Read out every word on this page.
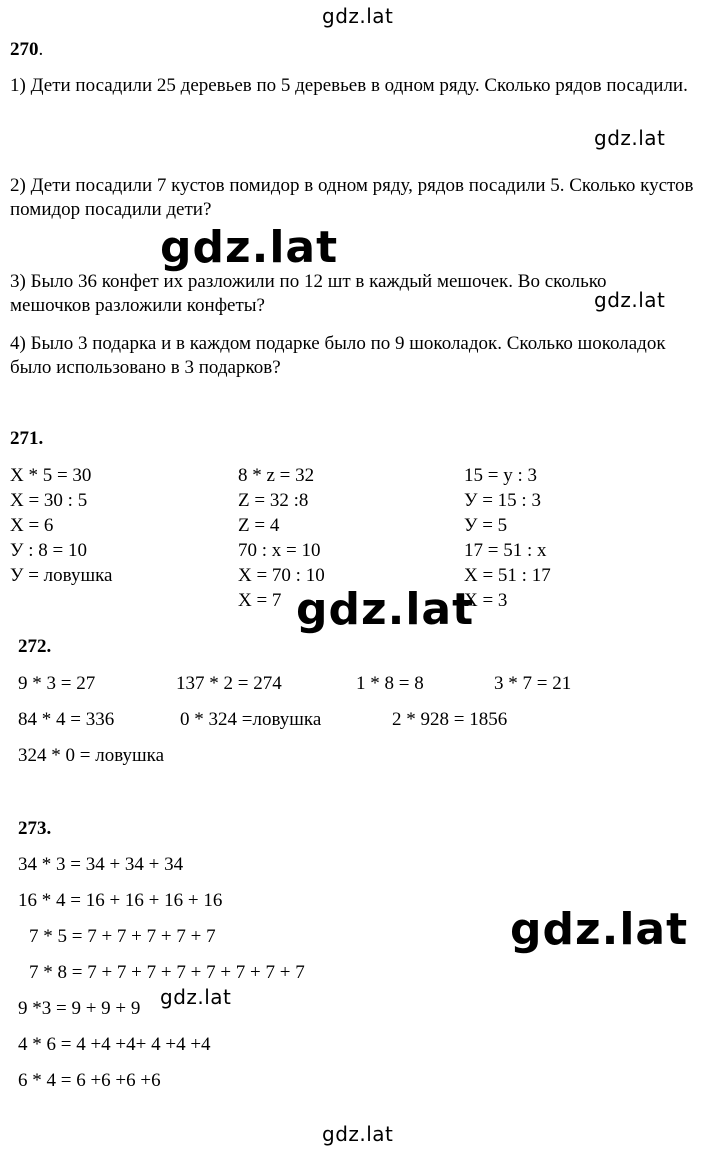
gdz.lat
gdz.lat
gdz.lat
gdz.lat
gdz.lat
gdz.lat
gdz.lat
gdz.lat
270.
1) Дети посадили 25 деревьев по 5 деревьев в одном ряду. Сколько рядов посадили.
2) Дети посадили 7 кустов помидор в одном ряду, рядов посадили 5. Сколько кустов помидор посадили дети?
3) Было 36 конфет их разложили по 12 шт в каждый мешочек. Во сколько
мешочков разложили конфеты?
4) Было 3 подарка и в каждом подарке было по 9 шоколадок. Сколько шоколадок было использовано в 3 подарков?
271.
X * 5 = 30
X = 30 : 5
X = 6
У : 8 = 10
У = ловушка
8 * z = 32
Z = 32 :8
Z = 4
70 : x = 10
X = 70 : 10
X = 7
15 = y : 3
У = 15 : 3
У = 5
17 = 51 : x
X = 51 : 17
X = 3
272.
9 * 3 = 27	137 * 2 = 274	1 * 8 = 8	3 * 7 = 21
84 * 4 = 336	0 * 324 =ловушка	2 * 928 = 1856
324 * 0 = ловушка
273.
34 * 3 = 34 + 34 + 34
16 * 4 = 16 + 16 + 16 + 16
7 * 5 = 7 + 7 + 7 + 7 + 7
7 * 8 = 7 + 7 + 7 + 7 + 7 + 7 + 7 + 7
9 *3 = 9 + 9 + 9
4 * 6 = 4 +4 +4+ 4 +4 +4
6 * 4 = 6 +6 +6 +6
